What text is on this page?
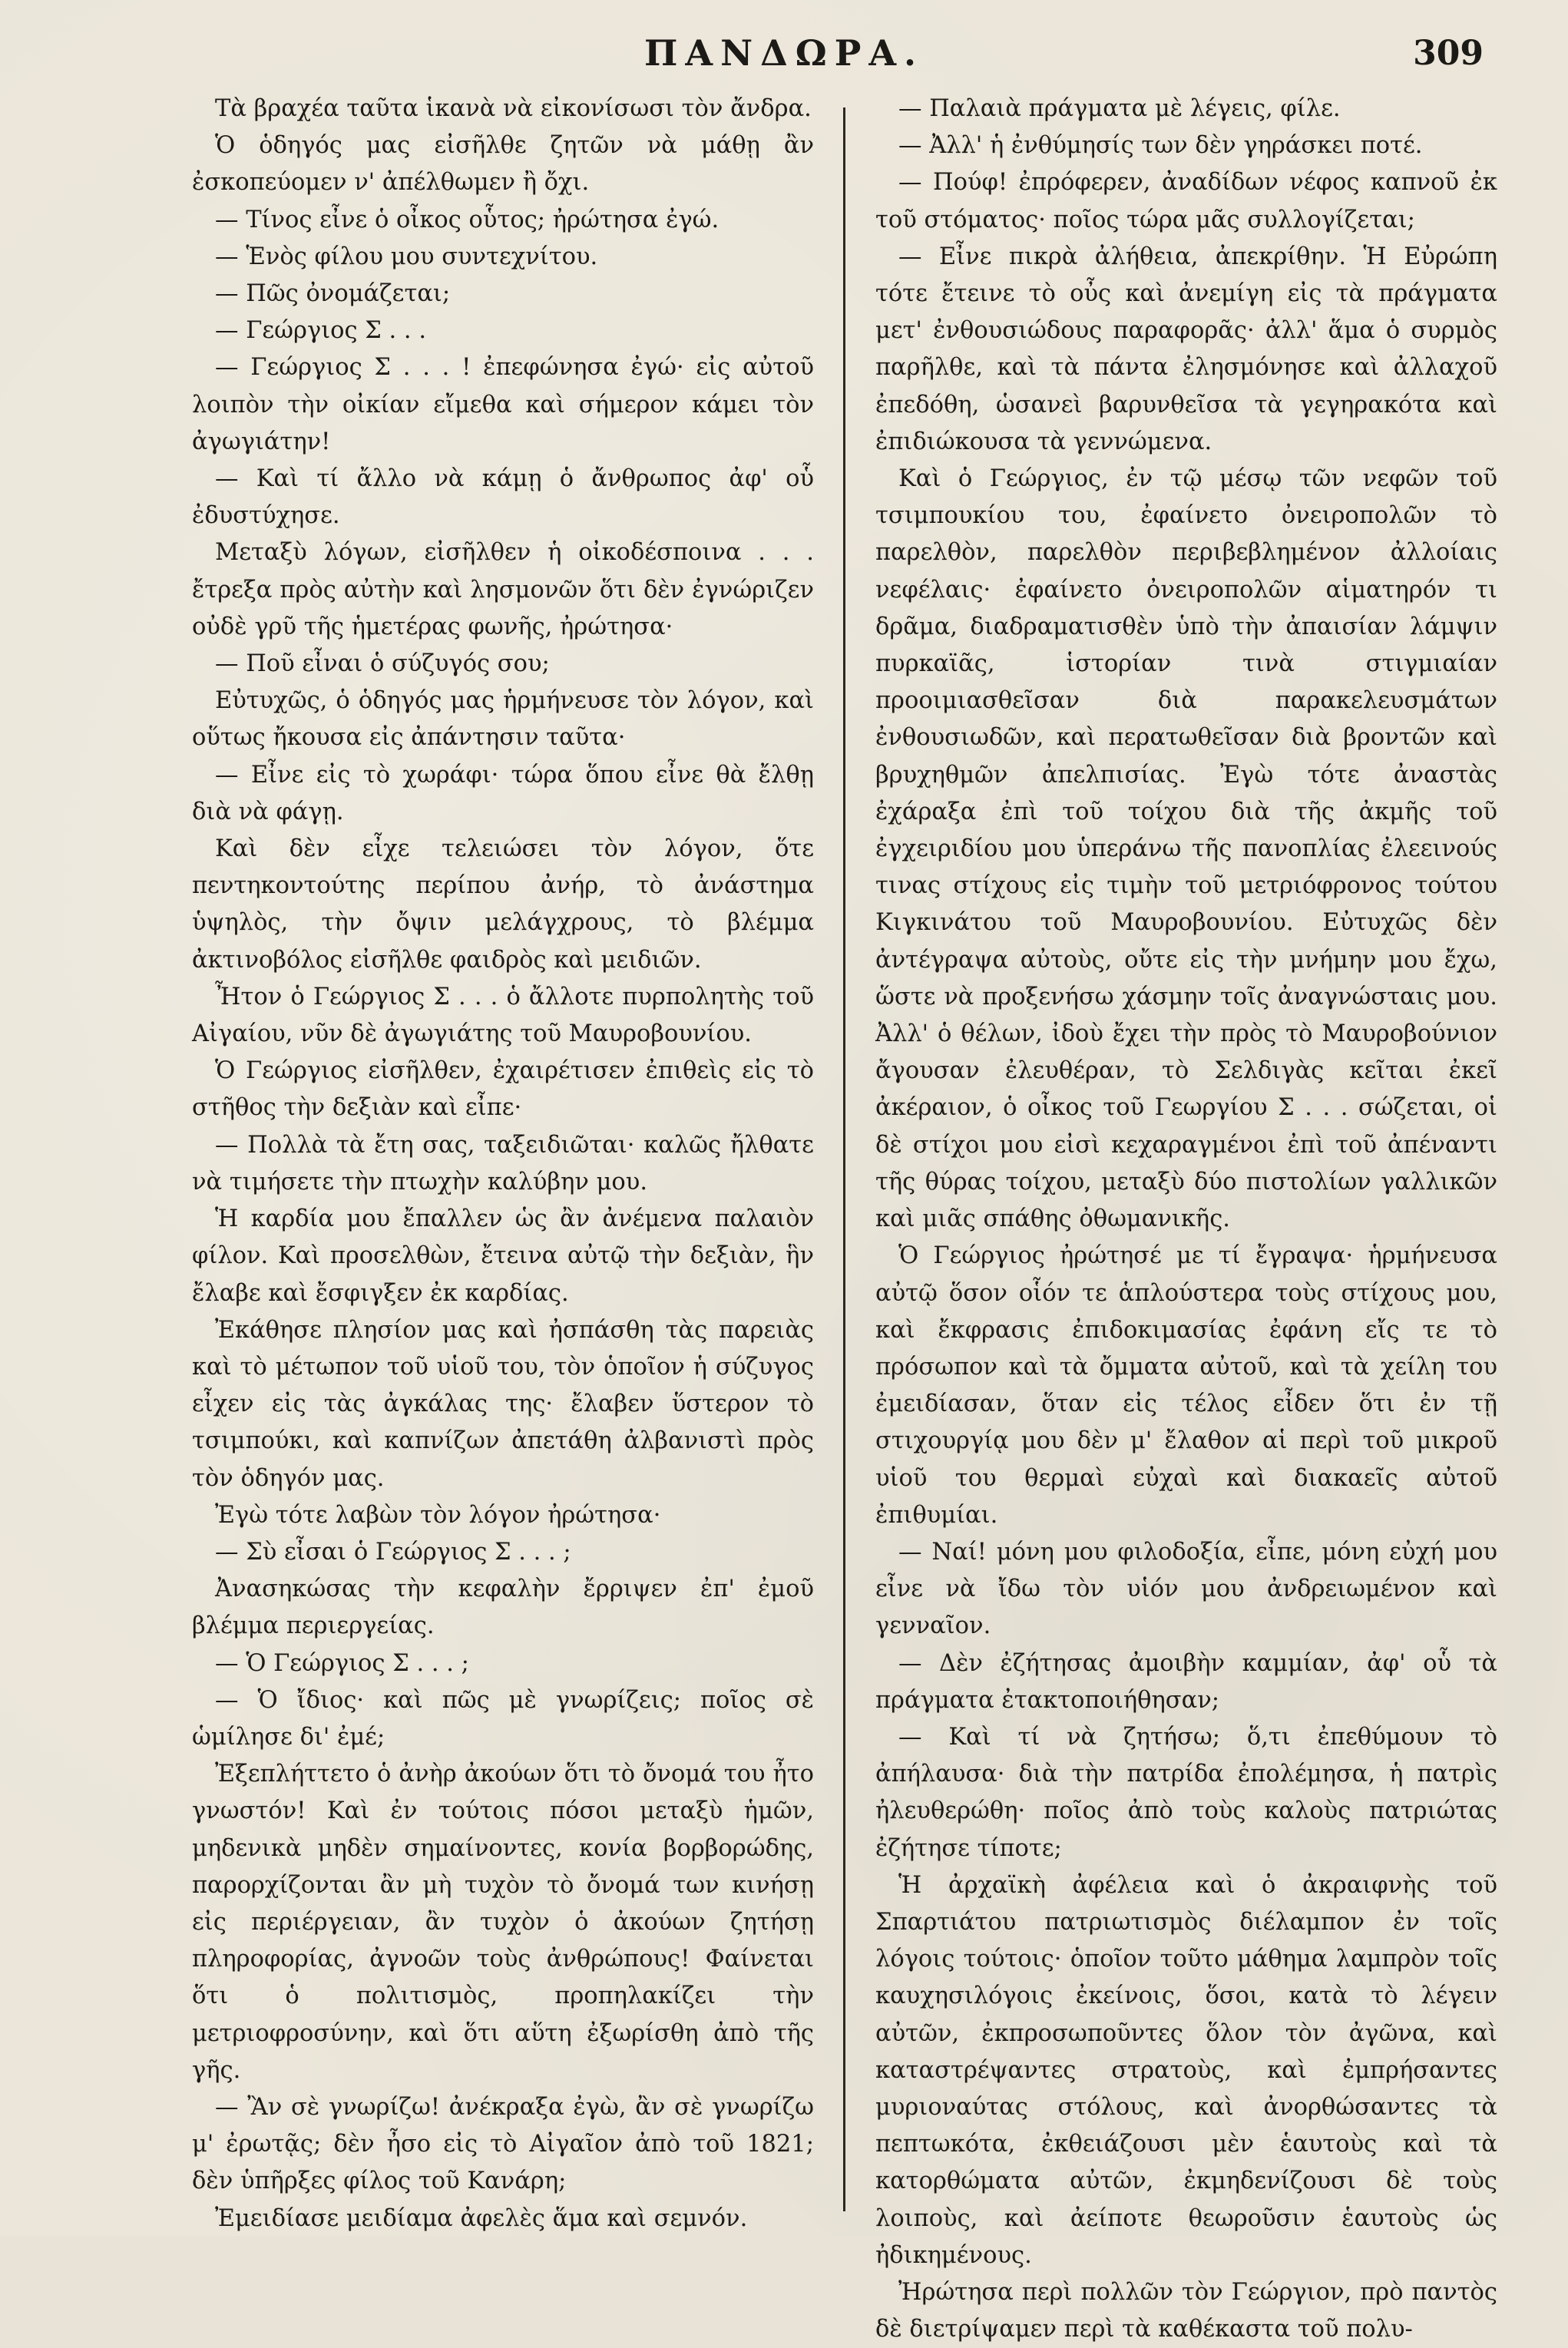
ΠΑΝΔΩΡΑ.	309

Τὰ βραχέα ταῦτα ἱκανὰ νὰ εἰκονίσωσι τὸν ἄνδρα.

Ὁ ὁδηγός μας εἰσῆλθε ζητῶν νὰ μάθῃ ἂν ἐσκοπεύομεν ν' ἀπέλθωμεν ἢ ὄχι.

— Τίνος εἶνε ὁ οἶκος οὗτος; ἠρώτησα ἐγώ.

— Ἑνὸς φίλου μου συντεχνίτου.

— Πῶς ὀνομάζεται;

— Γεώργιος Σ . . .

— Γεώργιος Σ . . . ! ἐπεφώνησα ἐγώ· εἰς αὐτοῦ λοιπὸν τὴν οἰκίαν εἴμεθα καὶ σήμερον κάμει τὸν ἀγωγιάτην!

— Καὶ τί ἄλλο νὰ κάμῃ ὁ ἄνθρωπος ἀφ' οὗ ἐδυστύχησε.

Μεταξὺ λόγων, εἰσῆλθεν ἡ οἰκοδέσποινα . . . ἔτρεξα πρὸς αὐτὴν καὶ λησμονῶν ὅτι δὲν ἐγνώριζεν οὐδὲ γρῦ τῆς ἡμετέρας φωνῆς, ἠρώτησα·

— Ποῦ εἶναι ὁ σύζυγός σου;

Εὐτυχῶς, ὁ ὁδηγός μας ἡρμήνευσε τὸν λόγον, καὶ οὕτως ἤκουσα εἰς ἀπάντησιν ταῦτα·

— Εἶνε εἰς τὸ χωράφι· τώρα ὅπου εἶνε θὰ ἔλθῃ διὰ νὰ φάγῃ.

Καὶ δὲν εἶχε τελειώσει τὸν λόγον, ὅτε πεντηκοντούτης περίπου ἀνήρ, τὸ ἀνάστημα ὑψηλὸς, τὴν ὄψιν μελάγχρους, τὸ βλέμμα ἀκτινοβόλος εἰσῆλθε φαιδρὸς καὶ μειδιῶν.

Ἦτον ὁ Γεώργιος Σ . . . ὁ ἄλλοτε πυρπολητὴς τοῦ Αἰγαίου, νῦν δὲ ἀγωγιάτης τοῦ Μαυροβουνίου.

Ὁ Γεώργιος εἰσῆλθεν, ἐχαιρέτισεν ἐπιθεὶς εἰς τὸ στῆθος τὴν δεξιὰν καὶ εἶπε·

— Πολλὰ τὰ ἔτη σας, ταξειδιῶται· καλῶς ἤλθατε νὰ τιμήσετε τὴν πτωχὴν καλύβην μου.

Ἡ καρδία μου ἔπαλλεν ὡς ἂν ἀνέμενα παλαιὸν φίλον. Καὶ προσελθὼν, ἔτεινα αὐτῷ τὴν δεξιὰν, ἣν ἔλαβε καὶ ἔσφιγξεν ἐκ καρδίας.

Ἐκάθησε πλησίον μας καὶ ἠσπάσθη τὰς παρειὰς καὶ τὸ μέτωπον τοῦ υἱοῦ του, τὸν ὁποῖον ἡ σύζυγος εἶχεν εἰς τὰς ἀγκάλας της· ἔλαβεν ὕστερον τὸ τσιμπούκι, καὶ καπνίζων ἀπετάθη ἀλβανιστὶ πρὸς τὸν ὁδηγόν μας.

Ἐγὼ τότε λαβὼν τὸν λόγον ἠρώτησα·

— Σὺ εἶσαι ὁ Γεώργιος Σ . . . ;

Ἀνασηκώσας τὴν κεφαλὴν ἔρριψεν ἐπ' ἐμοῦ βλέμμα περιεργείας.

— Ὁ Γεώργιος Σ . . . ;

— Ὁ ἴδιος· καὶ πῶς μὲ γνωρίζεις; ποῖος σὲ ὡμίλησε δι' ἐμέ;

Ἐξεπλήττετο ὁ ἀνὴρ ἀκούων ὅτι τὸ ὄνομά του ἦτο γνωστόν! Καὶ ἐν τούτοις πόσοι μεταξὺ ἡμῶν, μηδενικὰ μηδὲν σημαίνοντες, κονία βορβορώδης, παρορχίζονται ἂν μὴ τυχὸν τὸ ὄνομά των κινήσῃ εἰς περιέργειαν, ἂν τυχὸν ὁ ἀκούων ζητήσῃ πληροφορίας, ἀγνοῶν τοὺς ἀνθρώπους! Φαίνεται ὅτι ὁ πολιτισμὸς, προπηλακίζει τὴν μετριοφροσύνην, καὶ ὅτι αὕτη ἐξωρίσθη ἀπὸ τῆς γῆς.

— Ἂν σὲ γνωρίζω! ἀνέκραξα ἐγὼ, ἂν σὲ γνωρίζω μ' ἐρωτᾷς; δὲν ἦσο εἰς τὸ Αἰγαῖον ἀπὸ τοῦ 1821; δὲν ὑπῆρξες φίλος τοῦ Κανάρη;

Ἐμειδίασε μειδίαμα ἀφελὲς ἅμα καὶ σεμνόν.

— Παλαιὰ πράγματα μὲ λέγεις, φίλε.

— Ἀλλ' ἡ ἐνθύμησίς των δὲν γηράσκει ποτέ.

— Πούφ! ἐπρόφερεν, ἀναδίδων νέφος καπνοῦ ἐκ τοῦ στόματος· ποῖος τώρα μᾶς συλλογίζεται;

— Εἶνε πικρὰ ἀλήθεια, ἀπεκρίθην. Ἡ Εὐρώπη τότε ἔτεινε τὸ οὖς καὶ ἀνεμίγη εἰς τὰ πράγματα μετ' ἐνθουσιώδους παραφορᾶς· ἀλλ' ἅμα ὁ συρμὸς παρῆλθε, καὶ τὰ πάντα ἐλησμόνησε καὶ ἀλλαχοῦ ἐπεδόθη, ὡσανεὶ βαρυνθεῖσα τὰ γεγηρακότα καὶ ἐπιδιώκουσα τὰ γεννώμενα.

Καὶ ὁ Γεώργιος, ἐν τῷ μέσῳ τῶν νεφῶν τοῦ τσιμπουκίου του, ἐφαίνετο ὀνειροπολῶν τὸ παρελθὸν, παρελθὸν περιβεβλημένον ἀλλοίαις νεφέλαις· ἐφαίνετο ὀνειροπολῶν αἱματηρόν τι δρᾶμα, διαδραματισθὲν ὑπὸ τὴν ἀπαισίαν λάμψιν πυρκαϊᾶς, ἱστορίαν τινὰ στιγμιαίαν προοιμιασθεῖσαν διὰ παρακελευσμάτων ἐνθουσιωδῶν, καὶ περατωθεῖσαν διὰ βροντῶν καὶ βρυχηθμῶν ἀπελπισίας. Ἐγὼ τότε ἀναστὰς ἐχάραξα ἐπὶ τοῦ τοίχου διὰ τῆς ἀκμῆς τοῦ ἐγχειριδίου μου ὑπεράνω τῆς πανοπλίας ἐλεεινούς τινας στίχους εἰς τιμὴν τοῦ μετριόφρονος τούτου Κιγκινάτου τοῦ Μαυροβουνίου. Εὐτυχῶς δὲν ἀντέγραψα αὐτοὺς, οὔτε εἰς τὴν μνήμην μου ἔχω, ὥστε νὰ προξενήσω χάσμην τοῖς ἀναγνώσταις μου. Ἀλλ' ὁ θέλων, ἰδοὺ ἔχει τὴν πρὸς τὸ Μαυροβούνιον ἄγουσαν ἐλευθέραν, τὸ Σελδιγὰς κεῖται ἐκεῖ ἀκέραιον, ὁ οἶκος τοῦ Γεωργίου Σ . . . σώζεται, οἱ δὲ στίχοι μου εἰσὶ κεχαραγμένοι ἐπὶ τοῦ ἀπέναντι τῆς θύρας τοίχου, μεταξὺ δύο πιστολίων γαλλικῶν καὶ μιᾶς σπάθης ὀθωμανικῆς.

Ὁ Γεώργιος ἠρώτησέ με τί ἔγραψα· ἡρμήνευσα αὐτῷ ὅσον οἷόν τε ἁπλούστερα τοὺς στίχους μου, καὶ ἔκφρασις ἐπιδοκιμασίας ἐφάνη εἴς τε τὸ πρόσωπον καὶ τὰ ὄμματα αὐτοῦ, καὶ τὰ χείλη του ἐμειδίασαν, ὅταν εἰς τέλος εἶδεν ὅτι ἐν τῇ στιχουργίᾳ μου δὲν μ' ἔλαθον αἱ περὶ τοῦ μικροῦ υἱοῦ του θερμαὶ εὐχαὶ καὶ διακαεῖς αὐτοῦ ἐπιθυμίαι.

— Ναί! μόνη μου φιλοδοξία, εἶπε, μόνη εὐχή μου εἶνε νὰ ἴδω τὸν υἱόν μου ἀνδρειωμένον καὶ γενναῖον.

— Δὲν ἐζήτησας ἀμοιβὴν καμμίαν, ἀφ' οὗ τὰ πράγματα ἐτακτοποιήθησαν;

— Καὶ τί νὰ ζητήσω; ὅ,τι ἐπεθύμουν τὸ ἀπήλαυσα· διὰ τὴν πατρίδα ἐπολέμησα, ἡ πατρὶς ἠλευθερώθη· ποῖος ἀπὸ τοὺς καλοὺς πατριώτας ἐζήτησε τίποτε;

Ἡ ἀρχαϊκὴ ἀφέλεια καὶ ὁ ἀκραιφνὴς τοῦ Σπαρτιάτου πατριωτισμὸς διέλαμπον ἐν τοῖς λόγοις τούτοις· ὁποῖον τοῦτο μάθημα λαμπρὸν τοῖς καυχησιλόγοις ἐκείνοις, ὅσοι, κατὰ τὸ λέγειν αὐτῶν, ἐκπροσωποῦντες ὅλον τὸν ἀγῶνα, καὶ καταστρέψαντες στρατοὺς, καὶ ἐμπρήσαντες μυριοναύτας στόλους, καὶ ἀνορθώσαντες τὰ πεπτωκότα, ἐκθειάζουσι μὲν ἑαυτοὺς καὶ τὰ κατορθώματα αὐτῶν, ἐκμηδενίζουσι δὲ τοὺς λοιποὺς, καὶ ἀείποτε θεωροῦσιν ἑαυτοὺς ὡς ἠδικημένους.

Ἠρώτησα περὶ πολλῶν τὸν Γεώργιον, πρὸ παντὸς δὲ διετρίψαμεν περὶ τὰ καθέκαστα τοῦ πολυ-
